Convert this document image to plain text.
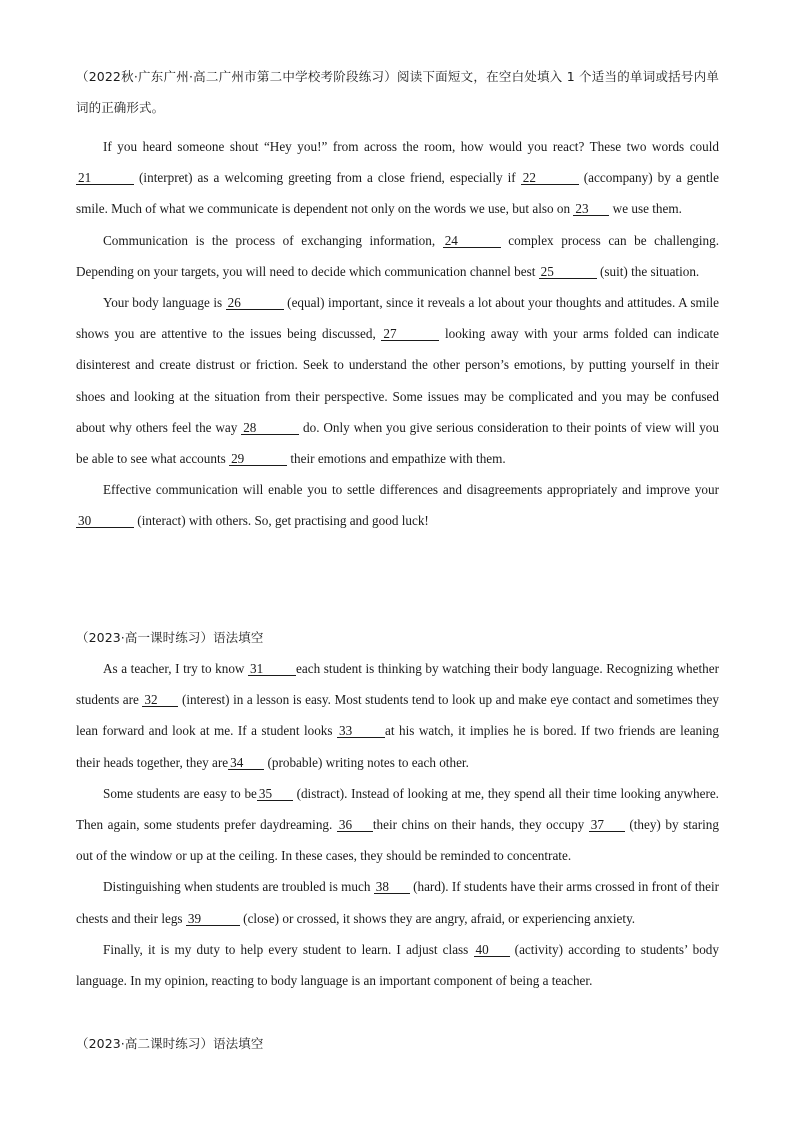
（2022秋·广东广州·高二广州市第二中学校考阶段练习）阅读下面短文，在空白处填入 1 个适当的单词或括号内单词的正确形式。

If you heard someone shout “Hey you!” from across the room, how would you react? These two words could 21	(interpret) as a welcoming greeting from a close friend, especially if 22	(accompany) by a gentle smile. Much of what we communicate is dependent not only on the words we use, but also on 23 we use them.

Communication is the process of exchanging information, 24	complex process can be challenging. Depending on your targets, you will need to decide which communication channel best 25	(suit) the situation.

Your body language is 26	(equal) important, since it reveals a lot about your thoughts and attitudes. A smile shows you are attentive to the issues being discussed, 27	looking away with your arms folded can indicate disinterest and create distrust or friction. Seek to understand the other person’s emotions, by putting yourself in their shoes and looking at the situation from their perspective. Some issues may be complicated and you may be confused about why others feel the way 28	do. Only when you give serious consideration to their points of view will you be able to see what accounts 29	their emotions and empathize with them.

Effective communication will enable you to settle differences and disagreements appropriately and improve your 30	(interact) with others. So, get practising and good luck!

（2023·高一课时练习）语法填空

As a teacher, I try to know 31 each student is thinking by watching their body language. Recognizing whether students are 32 (interest) in a lesson is easy. Most students tend to look up and make eye contact and sometimes they lean forward and look at me. If a student looks 33 at his watch, it implies he is bored. If two friends are leaning their heads together, they are 34 (probable) writing notes to each other.

Some students are easy to be 35 (distract). Instead of looking at me, they spend all their time looking anywhere. Then again, some students prefer daydreaming. 36 their chins on their hands, they occupy 37 (they) by staring out of the window or up at the ceiling. In these cases, they should be reminded to concentrate.

Distinguishing when students are troubled is much 38 (hard). If students have their arms crossed in front of their chests and their legs 39	(close) or crossed, it shows they are angry, afraid, or experiencing anxiety.

Finally, it is my duty to help every student to learn. I adjust class 40 (activity) according to students’ body language. In my opinion, reacting to body language is an important component of being a teacher.

（2023·高二课时练习）语法填空
